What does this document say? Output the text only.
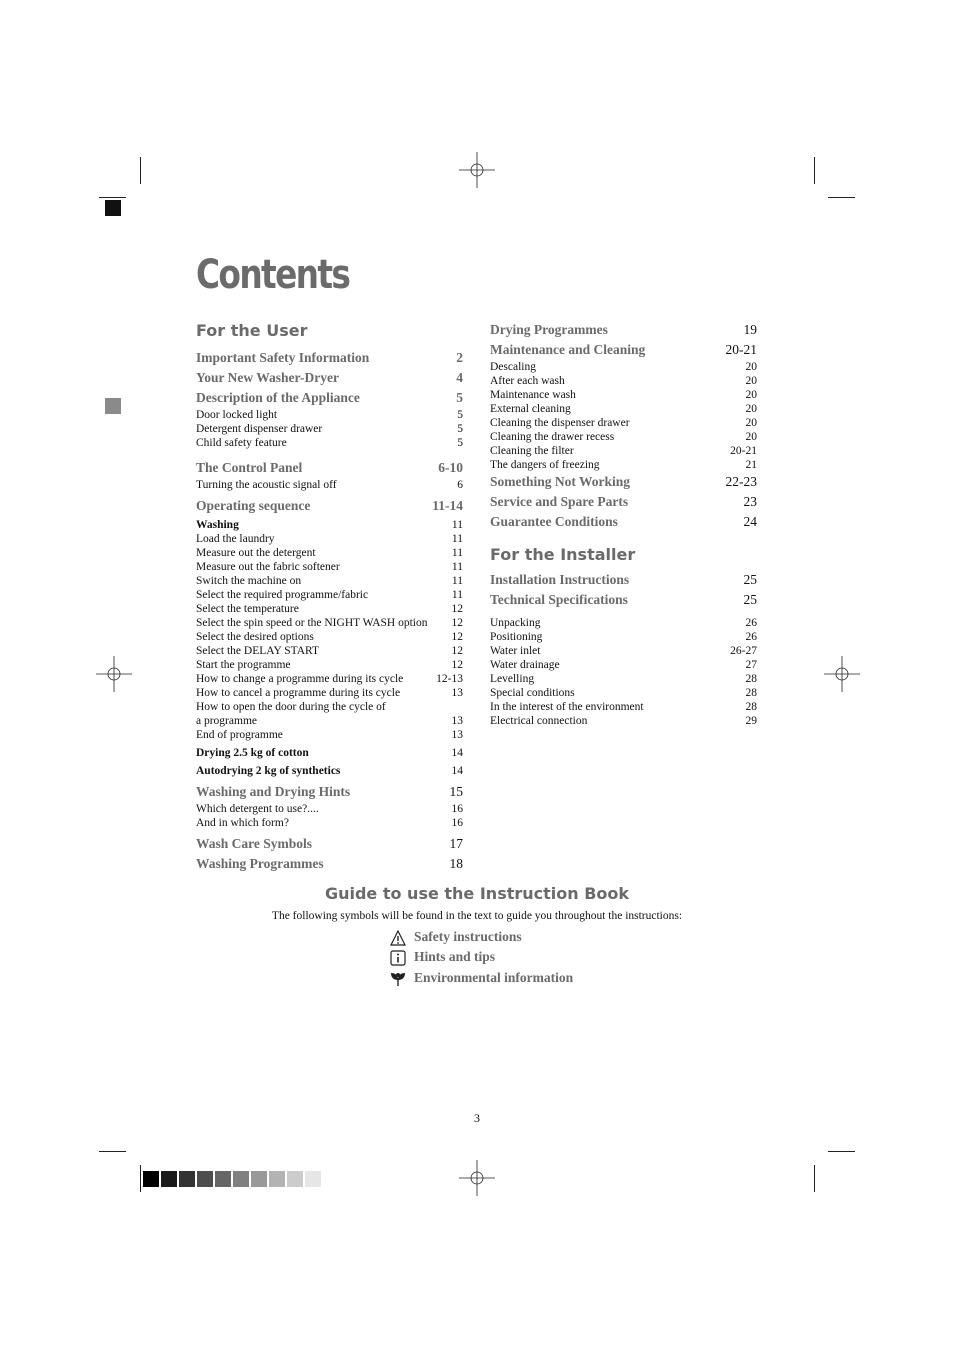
Contents
For the User
Important Safety Information	2
Your New Washer-Dryer	4
Description of the Appliance	5
Door locked light	5
Detergent dispenser drawer	5
Child safety feature	5
The Control Panel	6-10
Turning the acoustic signal off	6
Operating sequence	11-14
Washing	11
Load the laundry	11
Measure out the detergent	11
Measure out the fabric softener	11
Switch the machine on	11
Select the required programme/fabric	11
Select the temperature	12
Select the spin speed or the NIGHT WASH option 12
Select the desired options	12
Select the DELAY START	12
Start the programme	12
How to change a programme during its cycle	12-13
How to cancel a programme during its cycle	13
How to open the door during the cycle of
a programme	13
End of programme	13
Drying 2.5 kg of cotton	14
Autodrying 2 kg of synthetics	14
Washing and Drying Hints	15
Which detergent to use?....	16
And in which form?	16
Wash Care Symbols	17
Washing Programmes	18
Drying Programmes	19
Maintenance and Cleaning	20-21
Descaling	20
After each wash	20
Maintenance wash	20
External cleaning	20
Cleaning the dispenser drawer	20
Cleaning the drawer recess	20
Cleaning the filter	20-21
The dangers of freezing	21
Something Not Working	22-23
Service and Spare Parts	23
Guarantee Conditions	24
For the Installer
Installation Instructions	25
Technical Specifications	25
Unpacking	26
Positioning	26
Water inlet	26-27
Water drainage	27
Levelling	28
Special conditions	28
In the interest of the environment	28
Electrical connection	29
Guide to use the Instruction Book
The following symbols will be found in the text to guide you throughout the instructions:
Safety instructions
Hints and tips
Environmental information
3
